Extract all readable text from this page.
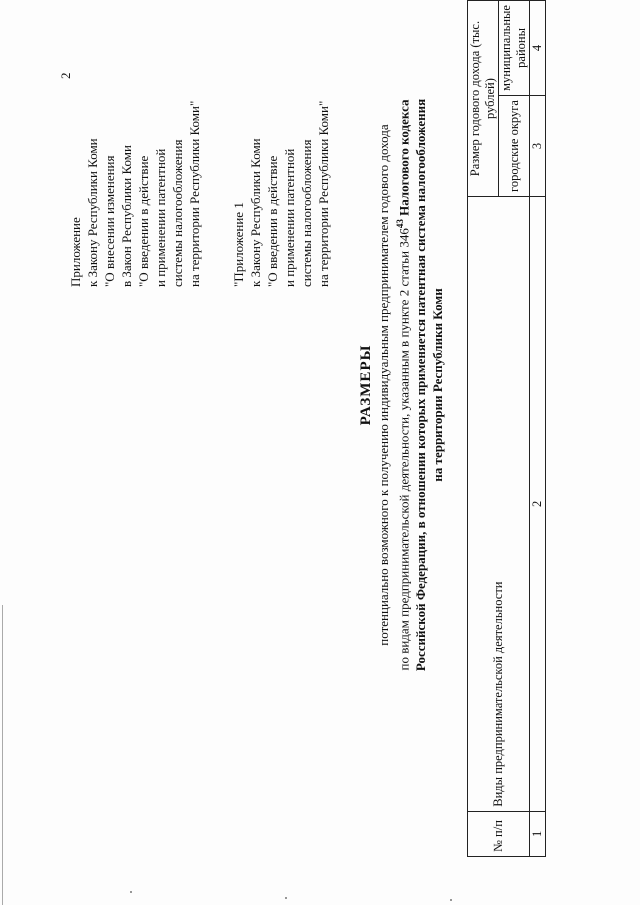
2
Приложение к Закону Республики Коми "О внесении изменения в Закон Республики Коми "О введении в действие и применении патентной системы налогообложения на территории Республики Коми" "Приложение 1 к Закону Республики Коми "О введении в действие и применении патентной системы налогообложения на территории Республики Коми"
РАЗМЕРЫ потенциально возможного к получению индивидуальным предпринимателем годового дохода по видам предпринимательской деятельности, указанным в пункте 2 статьи $346^{43}$ Налогового кодекса Российской Федерации, в отношении которых применяется патентная система налогообложения на территории Республики Коми
№ п/п	Виды предпринимательской деятельности	Размер годового дохода (тыс. рублей)	
		городские округа	муниципальные районы
1	2	3	4
